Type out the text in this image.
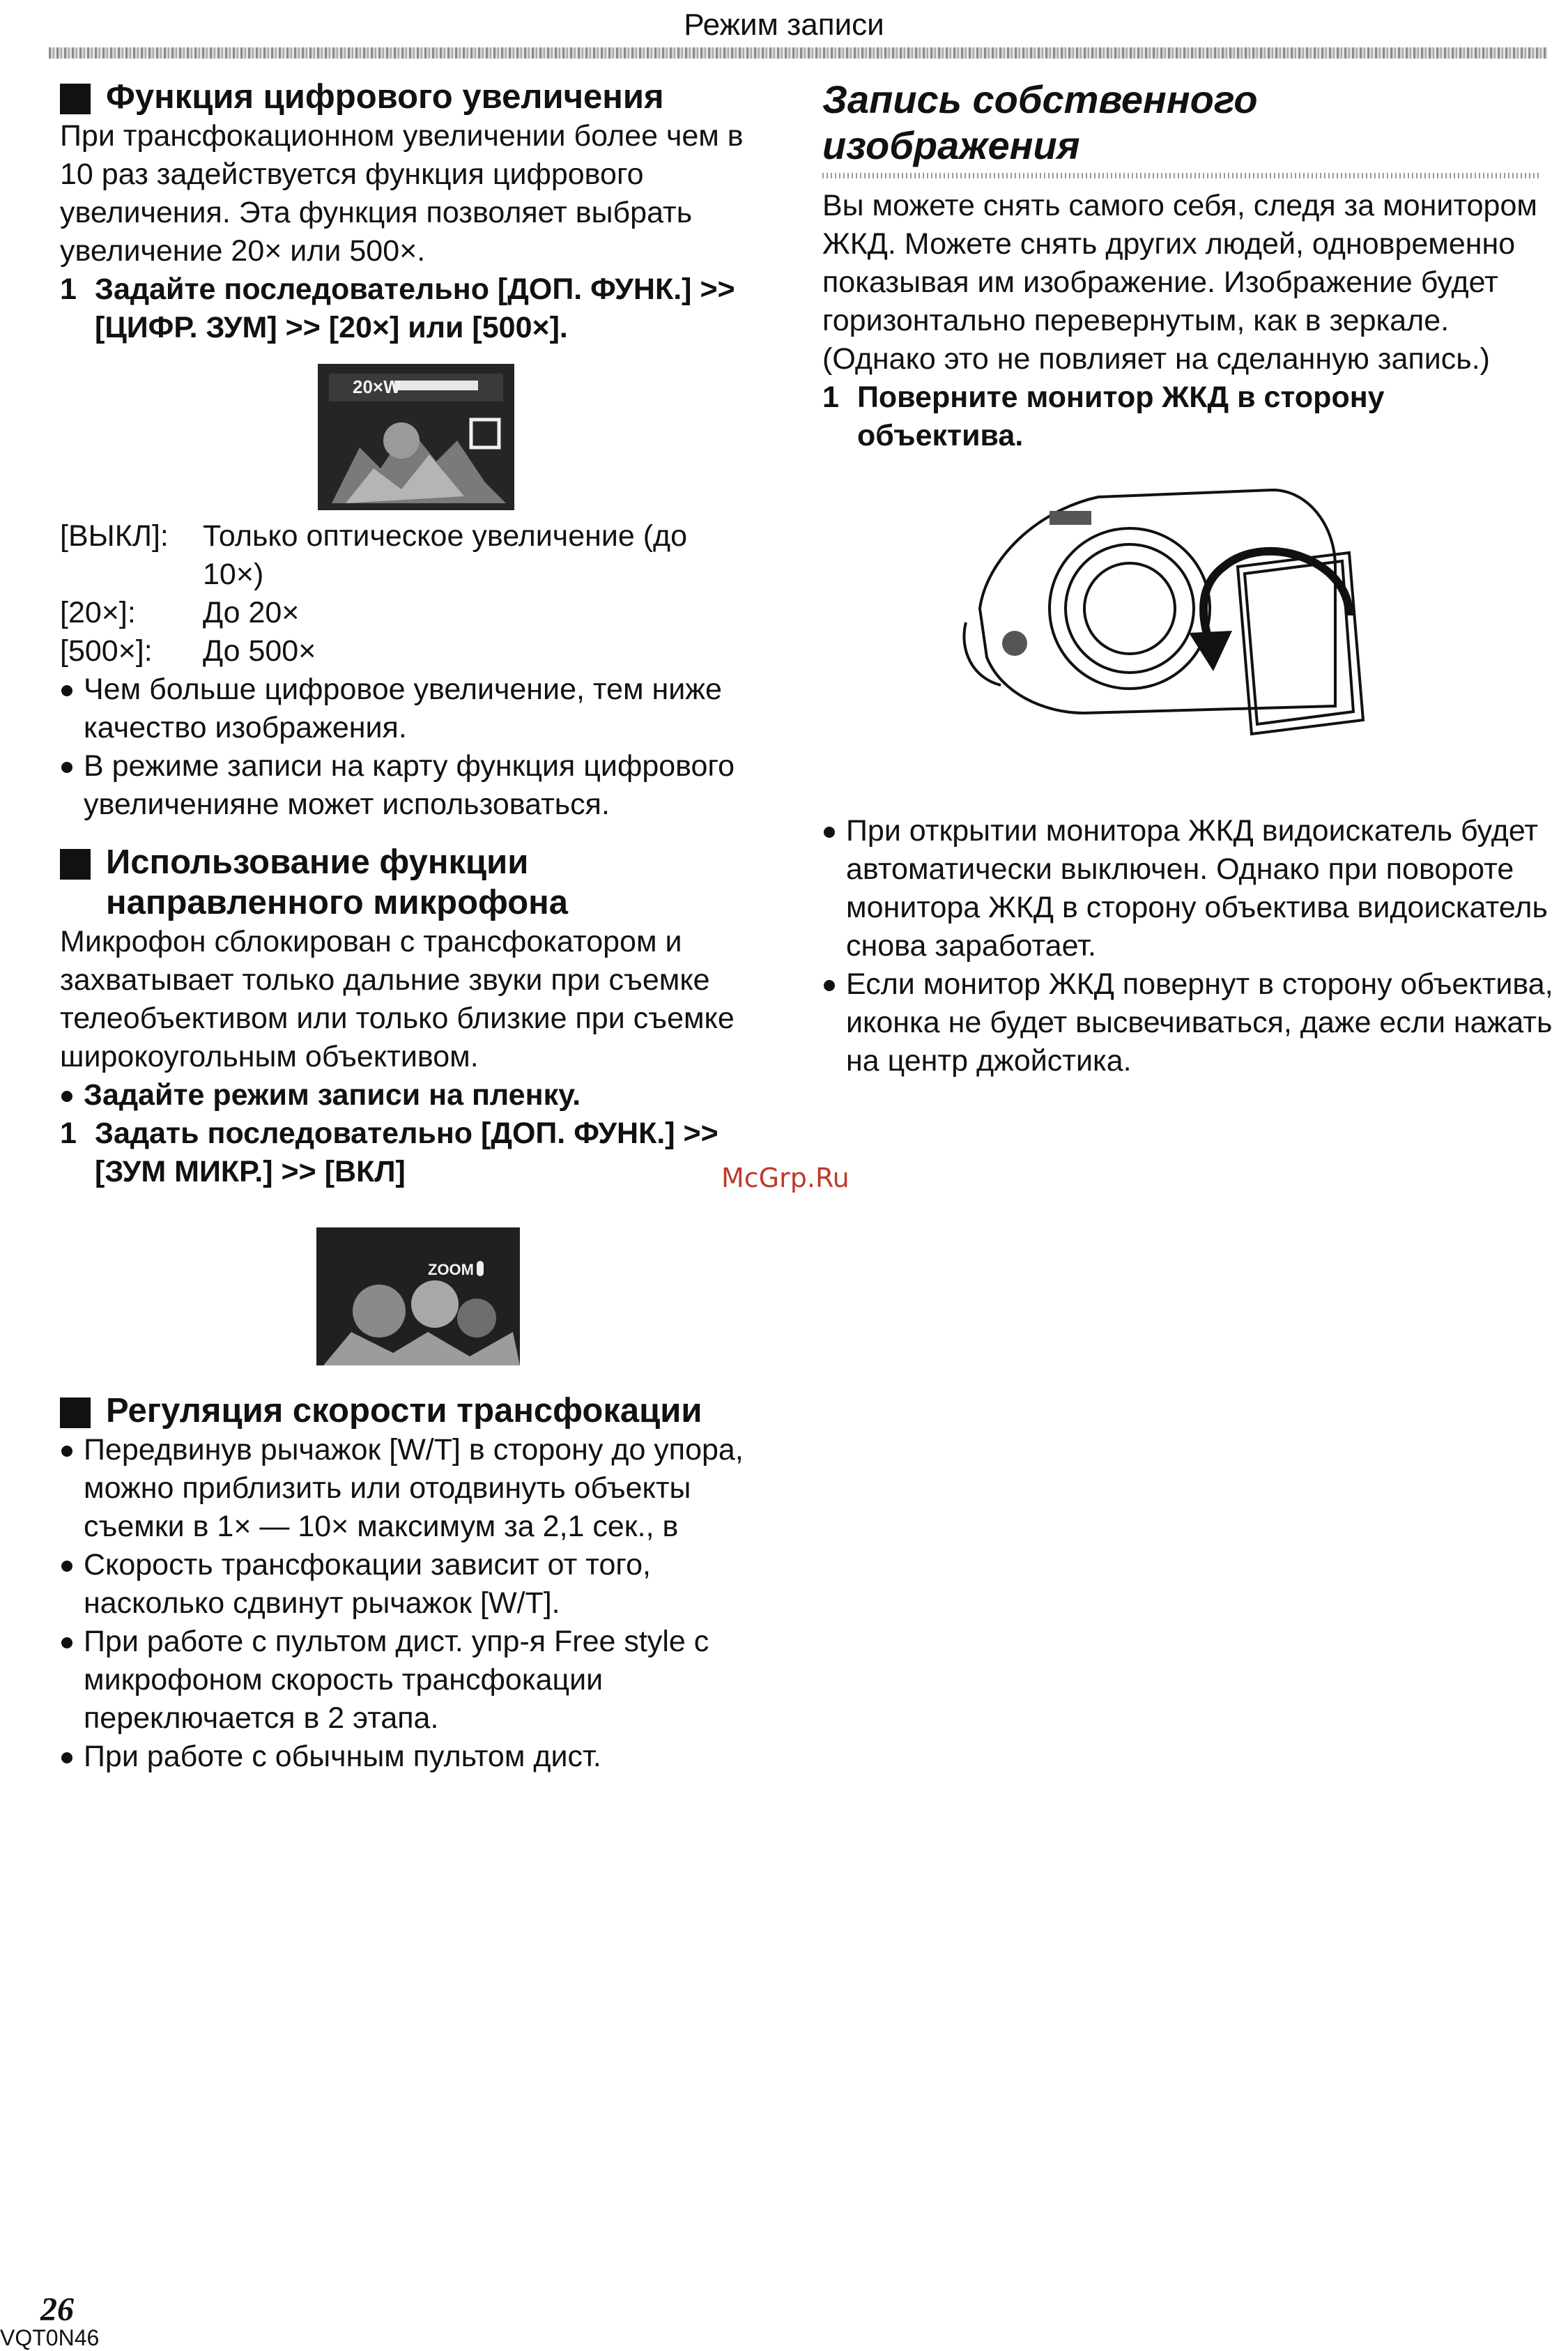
Режим записи
Функция цифрового увеличения

При трансфокационном увеличении более чем в 10 раз задействуется функция цифрового увеличения. Эта функция позволяет выбрать увеличение 20× или 500×.

1 Задайте последовательно [ДОП. ФУНК.] >> [ЦИФР. ЗУМ] >> [20×] или [500×].
20×W
[ВЫКЛ]: Только оптическое увеличение (до 10×)
[20×]: До 20×
[500×]: До 500×
Чем больше цифровое увеличение, тем ниже качество изображения.
В режиме записи на карту функция цифрового увеличенияне может использоваться.
Использование функции
направленного микрофона

Микрофон сблокирован с трансфокатором и захватывает только дальние звуки при съемке телеобъективом или только близкие при съемке широкоугольным объективом.

Задайте режим записи на пленку.
1 Задать последовательно [ДОП. ФУНК.] >> [ЗУМ МИКР.] >> [ВКЛ]
ZOOM
Регуляция скорости трансфокации
Передвинув рычажок [W/T] в сторону до упора, можно приблизить или отодвинуть объекты съемки в 1× — 10× максимум за 2,1 сек., в
Скорость трансфокации зависит от того, насколько сдвинут рычажок [W/T].
При работе с пультом дист. упр-я Free style с микрофоном скорость трансфокации переключается в 2 этапа.
При работе с обычным пультом дист.
McGrp.Ru
Запись собственного изображения

Вы можете снять самого себя, следя за монитором ЖКД. Можете снять других людей, одновременно показывая им изображение. Изображение будет горизонтально перевернутым, как в зеркале. (Однако это не повлияет на сделанную запись.)

1 Поверните монитор ЖКД в сторону объектива.
При открытии монитора ЖКД видоискатель будет автоматически выключен. Однако при повороте монитора ЖКД в сторону объектива видоискатель снова заработает.
Если монитор ЖКД повернут в сторону объектива, иконка не будет высвечиваться, даже если нажать на центр джойстика.
26
VQT0N46
